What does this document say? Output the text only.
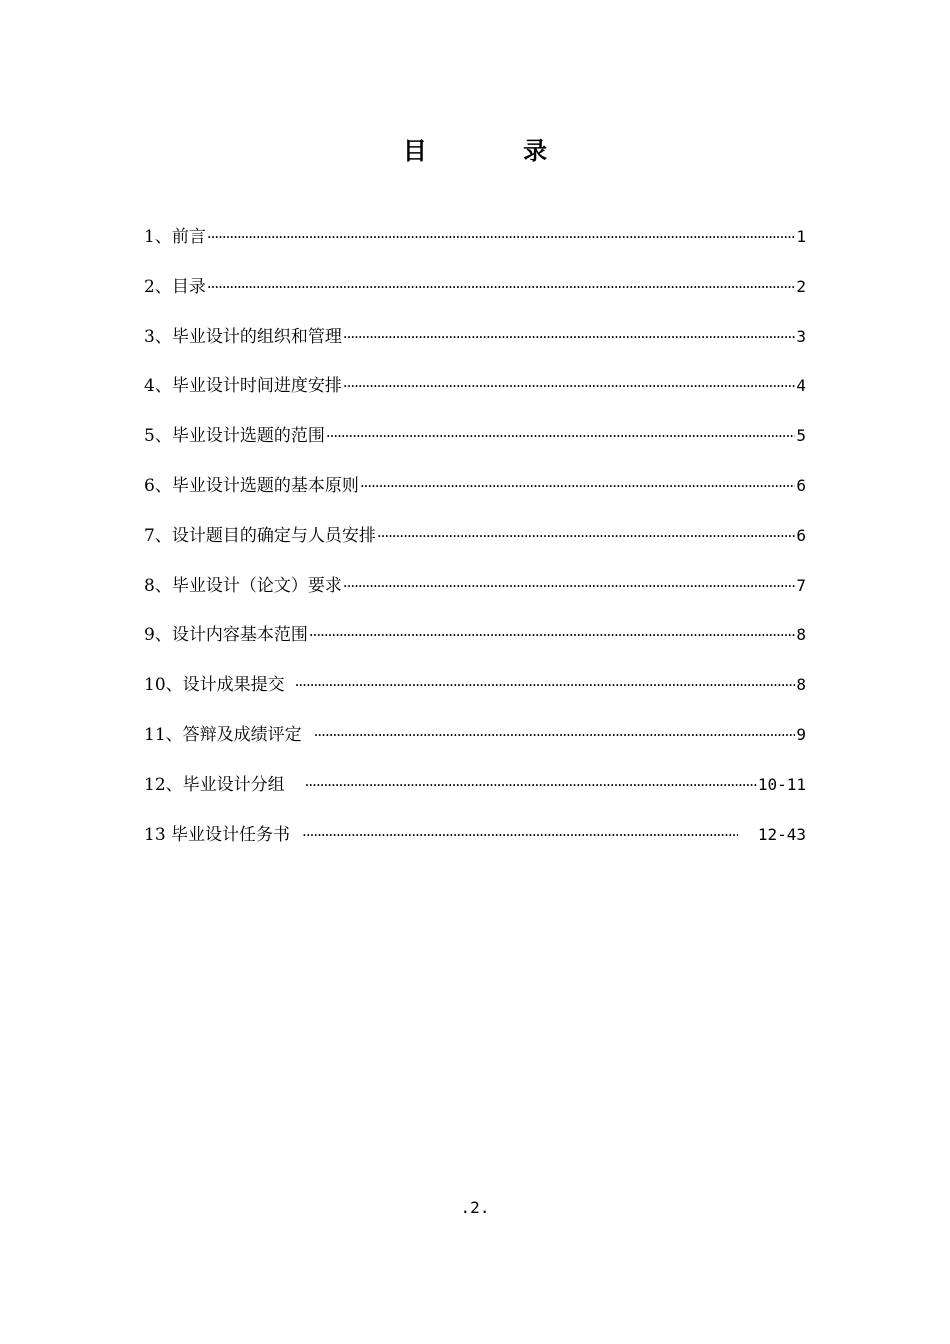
目 录
1、前言 ·····	1
2、目录 ·····	2
3、毕业设计的组织和管理 ·····	3
4、毕业设计时间进度安排 ·····	4
5、毕业设计选题的范围 ·····	5
6、毕业设计选题的基本原则 ·····	6
7、设计题目的确定与人员安排 ·····	6
8、毕业设计（论文）要求 ·····	7
9、设计内容基本范围 ·····	8
10、设计成果提交 ·····	8
11、答辩及成绩评定 ·····	9
12、毕业设计分组 ·····	10-11
13 毕业设计任务书 ·····	12-43
.2.
